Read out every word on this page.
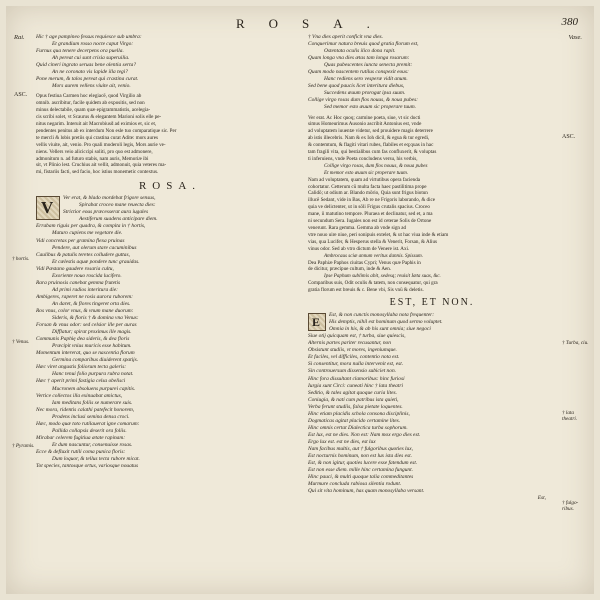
ROSA.	380
Rai.	Vase.
ASC.
ASC.
† hortis.
† Venus.
† Pyramis.
† Turba, ciu.
† lata theatri.
† fulgo-ribus.
Hic † age pampineo fessus requiesce sub umbra:
Et grandium rosso nocte caput Virgo:
Furnus qua tenere decerpens ora puella.
Ah pereat cui sunt crisia superuilia.
Quid cineri ingrato seruas bene olentia serta?
An ne coronato vis lapide illa tegi?
Pone merum, & talos pereat qui crastina curat.
Mors aurem vellens viuite ait, venio.
Opus festiua Carmen hoc elegiacē, quod Virgilio ab
omnib. ascribitur, facile quidem ab expositis, sed non
minus delectabile, quam quæ epigrammatistis, acelegia-
cis scribi solet, vt Scaurus & elegantem Marioni solis elle pe-
nitus negarim. Interuit ait Macrobiusḋ ad eximios et, sic et,
pendentes penitus ab ex interdum Non esle tuo comparatique sic. Per
te mercli & lobis pretiis qui crastina curat Adite: mors aures
vellis viuite, ait, venio. Pro quali moderoli legis, Mors aurie ve-
niens. Vellers veio aliciccipi soliti, pro quo est admonere,
admonitum n. ad futuro stabis, nam auris, Memoriæ ibi
sit, vt Plinio lest. Cruchius ait vellit, admonuit, quia veteres ma-
mi, fistariis facti, sed facio, hoc istius monemetic contextus.
ROSA.
V Ver erat, & blado mordebat frigore sensus,
Spirabat croceo mane reuecta dies:
Strictior eous præcesserat aura iugales
Aestiferum suadens anticipare diem.
Errabam riguis per quadra, & compita in † hortis,
Maturo cupiens me vegetare die.
Vidi concretas per gramina flexa pruinas
Pendere, aut olerum stare cacuminibus
Caulibus & patulis teretes colludere guttas,
Et cælestis aquæ pondere tunc grauidas.
Vidi Pæstano gaudere rosaria cultu,
Exoriente nouo roscida lucifero.
Rara pruinosis canebat gemma frutetis
Ad primi radios interitura die:
Ambigeres, raperet ne rosis aurora ruborem:
An daret, & flores tingeret orta dies.
Ros vnus, color vnus, & vnum mane duorum:
Sideris, & floris † & domina vna Venus:
Forsan & vnus odor: sed celsior ille per auras
Difflatur; spirat proximus ille magis.
Communis Paphię dea sideris, & dea floris
Præcipit vnius muricis esse habitum.
Momentum intererat, quo se nascentia florum
Germina comparibus diuiderent spatijs.
Hæc viret angustis foliorum tecta galeris:
Hanc tenui folio purpura rubra notat.
Hæc † aperit primi fastigia celsa obelisci
Mucronem absoluens purpurei capitis.
Vertice collectos illa exinuabat amictus,
Iam meditans foliis se numerare suis.
Nec mora, ridentis calathi patefecit honorem,
Prodens inclusi semina densa croci.
Hæc, modo quæ toto rutilauerat igne comarum:
Pallida collapsis deserit ora foliis.
Mirabar celerem fugitiua ætate rapinam:
Et dum nascuntur, consenuisse rosas.
Ecce & defluxit rutili coma punica floris:
Dum loquor, & tellus tecta rubore micat.
Tot species, tantosque ortus, variosque nouatus
† Vna dies aperit conficit vna dies.
Conquerimur natura breuis quod gratia florum est,
Ostentata oculis ilico dona rapit.
Quam longa vna dies ætas tam longa rosarum:
Quas pubescentes iuncta senecta premit:
Quam modo nascentem rutilus conspexit eous:
Hanc rediens sero vesperæ vidit anum.
Sed bene quod paucis licet interitura diebus,
Succedens æuum prorogat ipsa suum.
Collige virgo rosas dum flos nouus, & noua pubes:
Sed memor esto æuum sic properare tuum.
Ver erat. Ac Hoc quoq; carmine poeta, siue, vt sic docti
simus Homeurimus Ausonio ascribit Antonius est, vnde
ad voluptatem iuuentæ videtur, sed prouidere magis deterrere
ab istis illecebris. Nam & ex Ioh dicil, & egua & tur egredi,
& contemtum, & flagiti vitari rubes, flabiles et eq;quas in hac
tam fragili vita, qui bestialibus cum fas confluxerit, & voluptas
ti inferuiens, vnde Poeta concludens versu, his verbis,
Collige virgo rosas, dum flos nouus, & noua pubes
Et memor esto æuum sic properare tuum.
Nam ad voluptatem, quam ad virtutibus opera facienda
cohortatur. Cetterum cū multa facta haec pastilitima prope
Calidō; ut odium ar. Blando mōrio, Quia sunt frigus biotun
illucē Sedant, vide in Bas, Ab re ne Frigoris laborando, & dice
quia ve delictenter, ut in sōli Frigus crutalis spacius. Croceo
mane, ii matutino tempore. Pluraea et declinatur, sed et, a ma
ni secundum Sera. Iugales non est id ceterae Solis de Ortone
venerunt. Rara gemma. Gemma ab vnde sign ad
vtre nouo uire niue, peri sonipuis extelet, & ut hac viua inde & etiam
vias, qua Lucifer, & Hesperus stella & Venerit, Forsan, & Alius
vinus odor. Sed ab vtro dictum de Venere ist. Axi.
Ambrocaus sciæ annum veritus dannis. Spissum.
Dea Paphiæ Paphos ciuitas Cypri; Venus quæ Paphis in
de dicitur, præcipue cultum, inde & Aen.
Ipse Paphum sublimis abit, sedesq; reuisit Iæta suas, &c.
Comparibus suis, Odit oculis & tatem, non consequatur, qui gra
gratia florum est breuis & c. Bene vbi, Sis vnū & deletis.
EST, ET NON.
E Est, & non cunctis monosyllaba nota frequenter:
His demptis, nihil est hominum quod sermo voluptet.
Omnia in his, & ab his sunt omnia; siue negoci
Siue otij quicquam est, † turba, siue quiescis,
Alternis partes pariter recusantur, non
Obsistunt studiis, vt mores, ingeniumque.
Et faciles, vel difficiles, contentio nota est.
Si consentitur, mora nulla intervenit est, est.
Sin controuersum dissensio subiciet non.
Hinc fora dissultant clamoribus: hinc furiosi
Iurgia sunt Circi: cuneati hinc † lata theatri
Seditio, & tales agitat quoque curia lites.
Coniugia, & nati cum patribus ista quieti,
Verba ferunt studiis, falsa pietate loquentes.
Hinc etiam placidis schola consona disciplinis,
Dogmaticas agitat placido certamine lites.
Hinc omnis certat Dialectica turba sophorum.
Est lux, est ne dies. Non est: Nam mox ergo dies est.
Ergo lux est. est ne dies, est lux
Nam facibus multis, aut † fulgoribus quoties lux,
Est nocturnis hominum, non est lux ista dies est.
Est, & non igitur, quoties lucere esse fatendum est.
Est non esse diem. mille hinc certamina fungunt.
Hinc pauci, & multi quoque talia commeditantes
Murmure concluda rabiosa silentia rodunt.
Qui sit vita hominum, has quam monosyllaba versant.
Est,
